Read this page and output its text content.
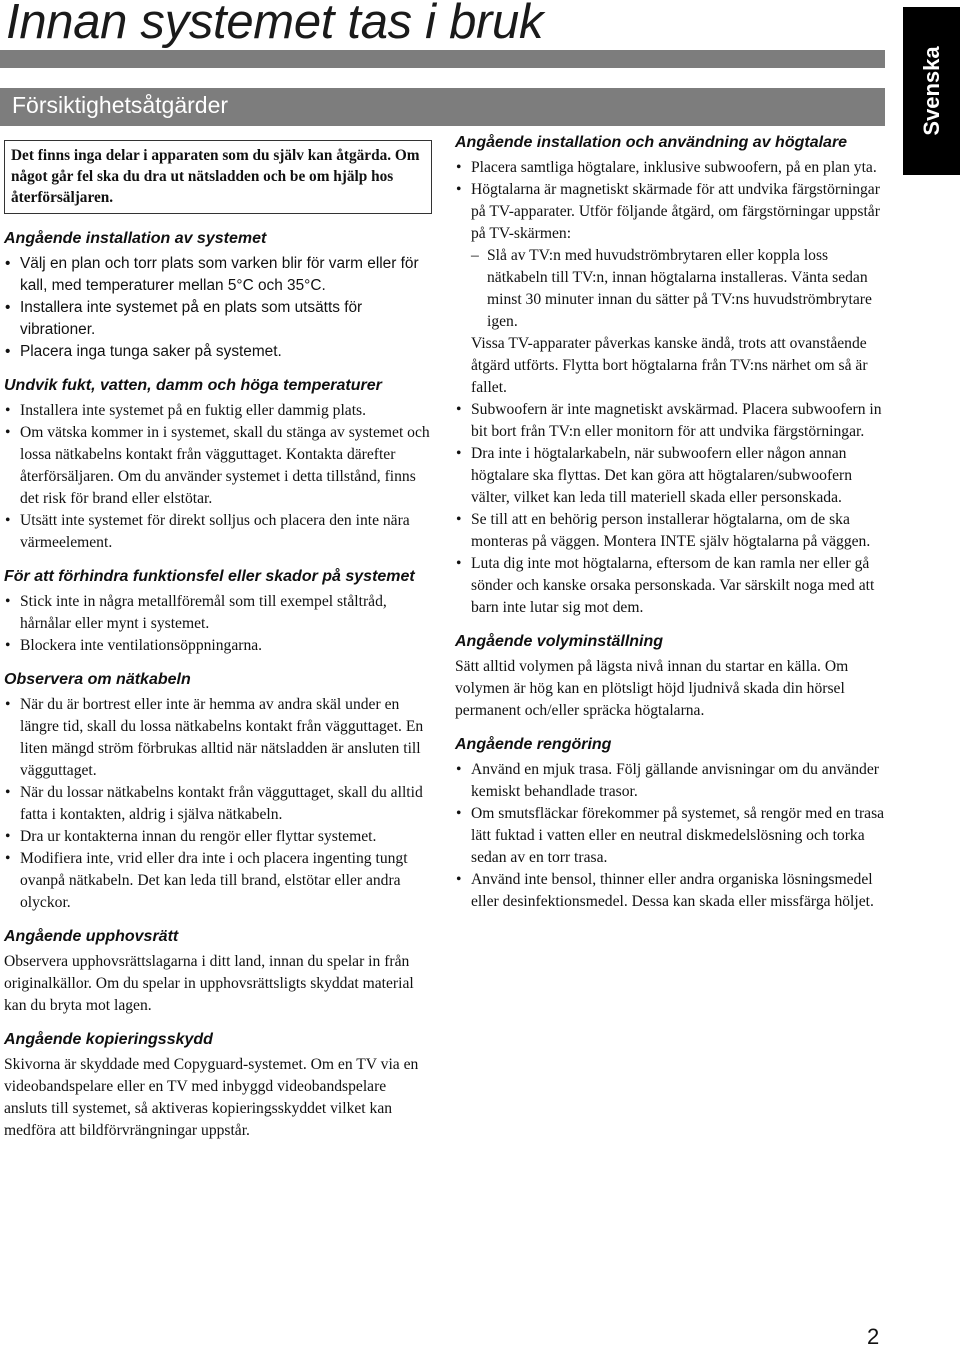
Innan systemet tas i bruk
Svenska
Försiktighetsåtgärder
Det finns inga delar i apparaten som du själv kan åtgärda. Om något går fel ska du dra ut nätsladden och be om hjälp hos återförsäljaren.
Angående installation av systemet
• Välj en plan och torr plats som varken blir för varm eller för kall, med temperaturer mellan 5°C och 35°C.
• Installera inte systemet på en plats som utsätts för vibrationer.
• Placera inga tunga saker på systemet.
Undvik fukt, vatten, damm och höga temperaturer
• Installera inte systemet på en fuktig eller dammig plats.
• Om vätska kommer in i systemet, skall du stänga av systemet och lossa nätkabelns kontakt från vägguttaget. Kontakta därefter återförsäljaren. Om du använder systemet i detta tillstånd, finns det risk för brand eller elstötar.
• Utsätt inte systemet för direkt solljus och placera den inte nära värmeelement.
För att förhindra funktionsfel eller skador på systemet
• Stick inte in några metallföremål som till exempel ståltråd, hårnålar eller mynt i systemet.
• Blockera inte ventilationsöppningarna.
Observera om nätkabeln
• När du är bortrest eller inte är hemma av andra skäl under en längre tid, skall du lossa nätkabelns kontakt från vägguttaget. En liten mängd ström förbrukas alltid när nätsladden är ansluten till vägguttaget.
• När du lossar nätkabelns kontakt från vägguttaget, skall du alltid fatta i kontakten, aldrig i själva nätkabeln.
• Dra ur kontakterna innan du rengör eller flyttar systemet.
• Modifiera inte, vrid eller dra inte i och placera ingenting tungt ovanpå nätkabeln. Det kan leda till brand, elstötar eller andra olyckor.
Angående upphovsrätt

Observera upphovsrättslagarna i ditt land, innan du spelar in från originalkällor. Om du spelar in upphovsrättsligts skyddat material kan du bryta mot lagen.

Angående kopieringsskydd

Skivorna är skyddade med Copyguard-systemet. Om en TV via en videobandspelare eller en TV med inbyggd videobandspelare ansluts till systemet, så aktiveras kopieringsskyddet vilket kan medföra att bildförvrängningar uppstår.

Angående installation och användning av högtalare
• Placera samtliga högtalare, inklusive subwoofern, på en plan yta.
• Högtalarna är magnetiskt skärmade för att undvika färgstörningar på TV-apparater. Utför följande åtgärd, om färgstörningar uppstår på TV-skärmen:

– Slå av TV:n med huvudströmbrytaren eller koppla loss nätkabeln till TV:n, innan högtalarna installeras. Vänta sedan minst 30 minuter innan du sätter på TV:ns huvudströmbrytare igen.

Vissa TV-apparater påverkas kanske ändå, trots att ovanstående åtgärd utförts. Flytta bort högtalarna från TV:ns närhet om så är fallet.

• Subwoofern är inte magnetiskt avskärmad. Placera subwoofern in bit bort från TV:n eller monitorn för att undvika färgstörningar.
• Dra inte i högtalarkabeln, när subwoofern eller någon annan högtalare ska flyttas. Det kan göra att högtalaren/subwoofern välter, vilket kan leda till materiell skada eller personskada.
• Se till att en behörig person installerar högtalarna, om de ska monteras på väggen. Montera INTE själv högtalarna på väggen.
• Luta dig inte mot högtalarna, eftersom de kan ramla ner eller gå sönder och kanske orsaka personskada. Var särskilt noga med att barn inte lutar sig mot dem.
Angående volyminställning

Sätt alltid volymen på lägsta nivå innan du startar en källa. Om volymen är hög kan en plötsligt höjd ljudnivå skada din hörsel permanent och/eller spräcka högtalarna.

Angående rengöring
• Använd en mjuk trasa. Följ gällande anvisningar om du använder kemiskt behandlade trasor.
• Om smutsfläckar förekommer på systemet, så rengör med en trasa lätt fuktad i vatten eller en neutral diskmedelslösning och torka sedan av en torr trasa.
• Använd inte bensol, thinner eller andra organiska lösningsmedel eller desinfektionsmedel. Dessa kan skada eller missfärga höljet.
2
